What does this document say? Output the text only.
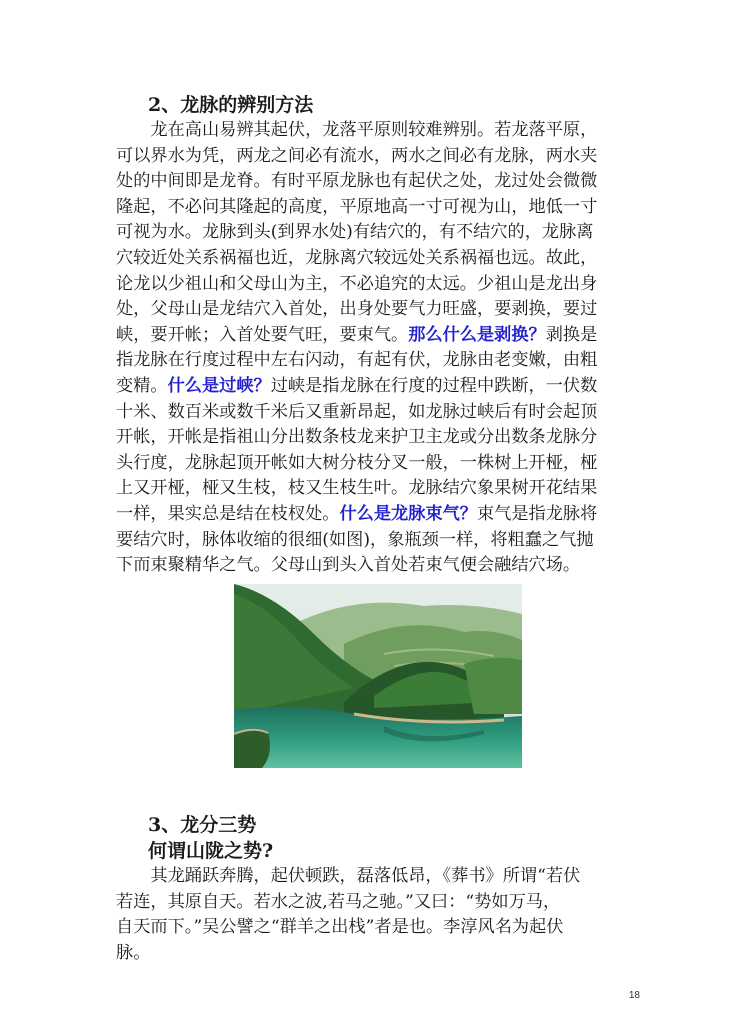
2、龙脉的辨别方法
　　龙在高山易辨其起伏，龙落平原则较难辨别。若龙落平原，
可以界水为凭，两龙之间必有流水，两水之间必有龙脉，两水夹
处的中间即是龙脊。有时平原龙脉也有起伏之处，龙过处会微微
隆起，不必问其隆起的高度，平原地高一寸可视为山，地低一寸
可视为水。龙脉到头(到界水处)有结穴的，有不结穴的，龙脉离
穴较近处关系祸福也近，龙脉离穴较远处关系祸福也远。故此，
论龙以少祖山和父母山为主，不必追究的太远。少祖山是龙出身
处，父母山是龙结穴入首处，出身处要气力旺盛，要剥换，要过
峡，要开帐；入首处要气旺，要束气。那么什么是剥换？剥换是
指龙脉在行度过程中左右闪动，有起有伏，龙脉由老变嫩，由粗
变精。什么是过峡？过峡是指龙脉在行度的过程中跌断，一伏数
十米、数百米或数千米后又重新昂起，如龙脉过峡后有时会起顶
开帐，开帐是指祖山分出数条枝龙来护卫主龙或分出数条龙脉分
头行度，龙脉起顶开帐如大树分枝分叉一般，一株树上开桠，桠
上又开桠，桠又生枝，枝又生枝生叶。龙脉结穴象果树开花结果
一样，果实总是结在枝杈处。什么是龙脉束气？束气是指龙脉将
要结穴时，脉体收缩的很细(如图)，象瓶颈一样，将粗蠢之气抛
下而束聚精华之气。父母山到头入首处若束气便会融结穴场。
3、龙分三势
何谓山陇之势?
　　其龙踊跃奔腾，起伏顿跌，磊落低昂，《葬书》所谓“若伏
若连，其原自天。若水之波,若马之驰。”又曰：“势如万马，
自天而下。”吴公譬之“群羊之出栈”者是也。李淳风名为起伏
脉。
18
